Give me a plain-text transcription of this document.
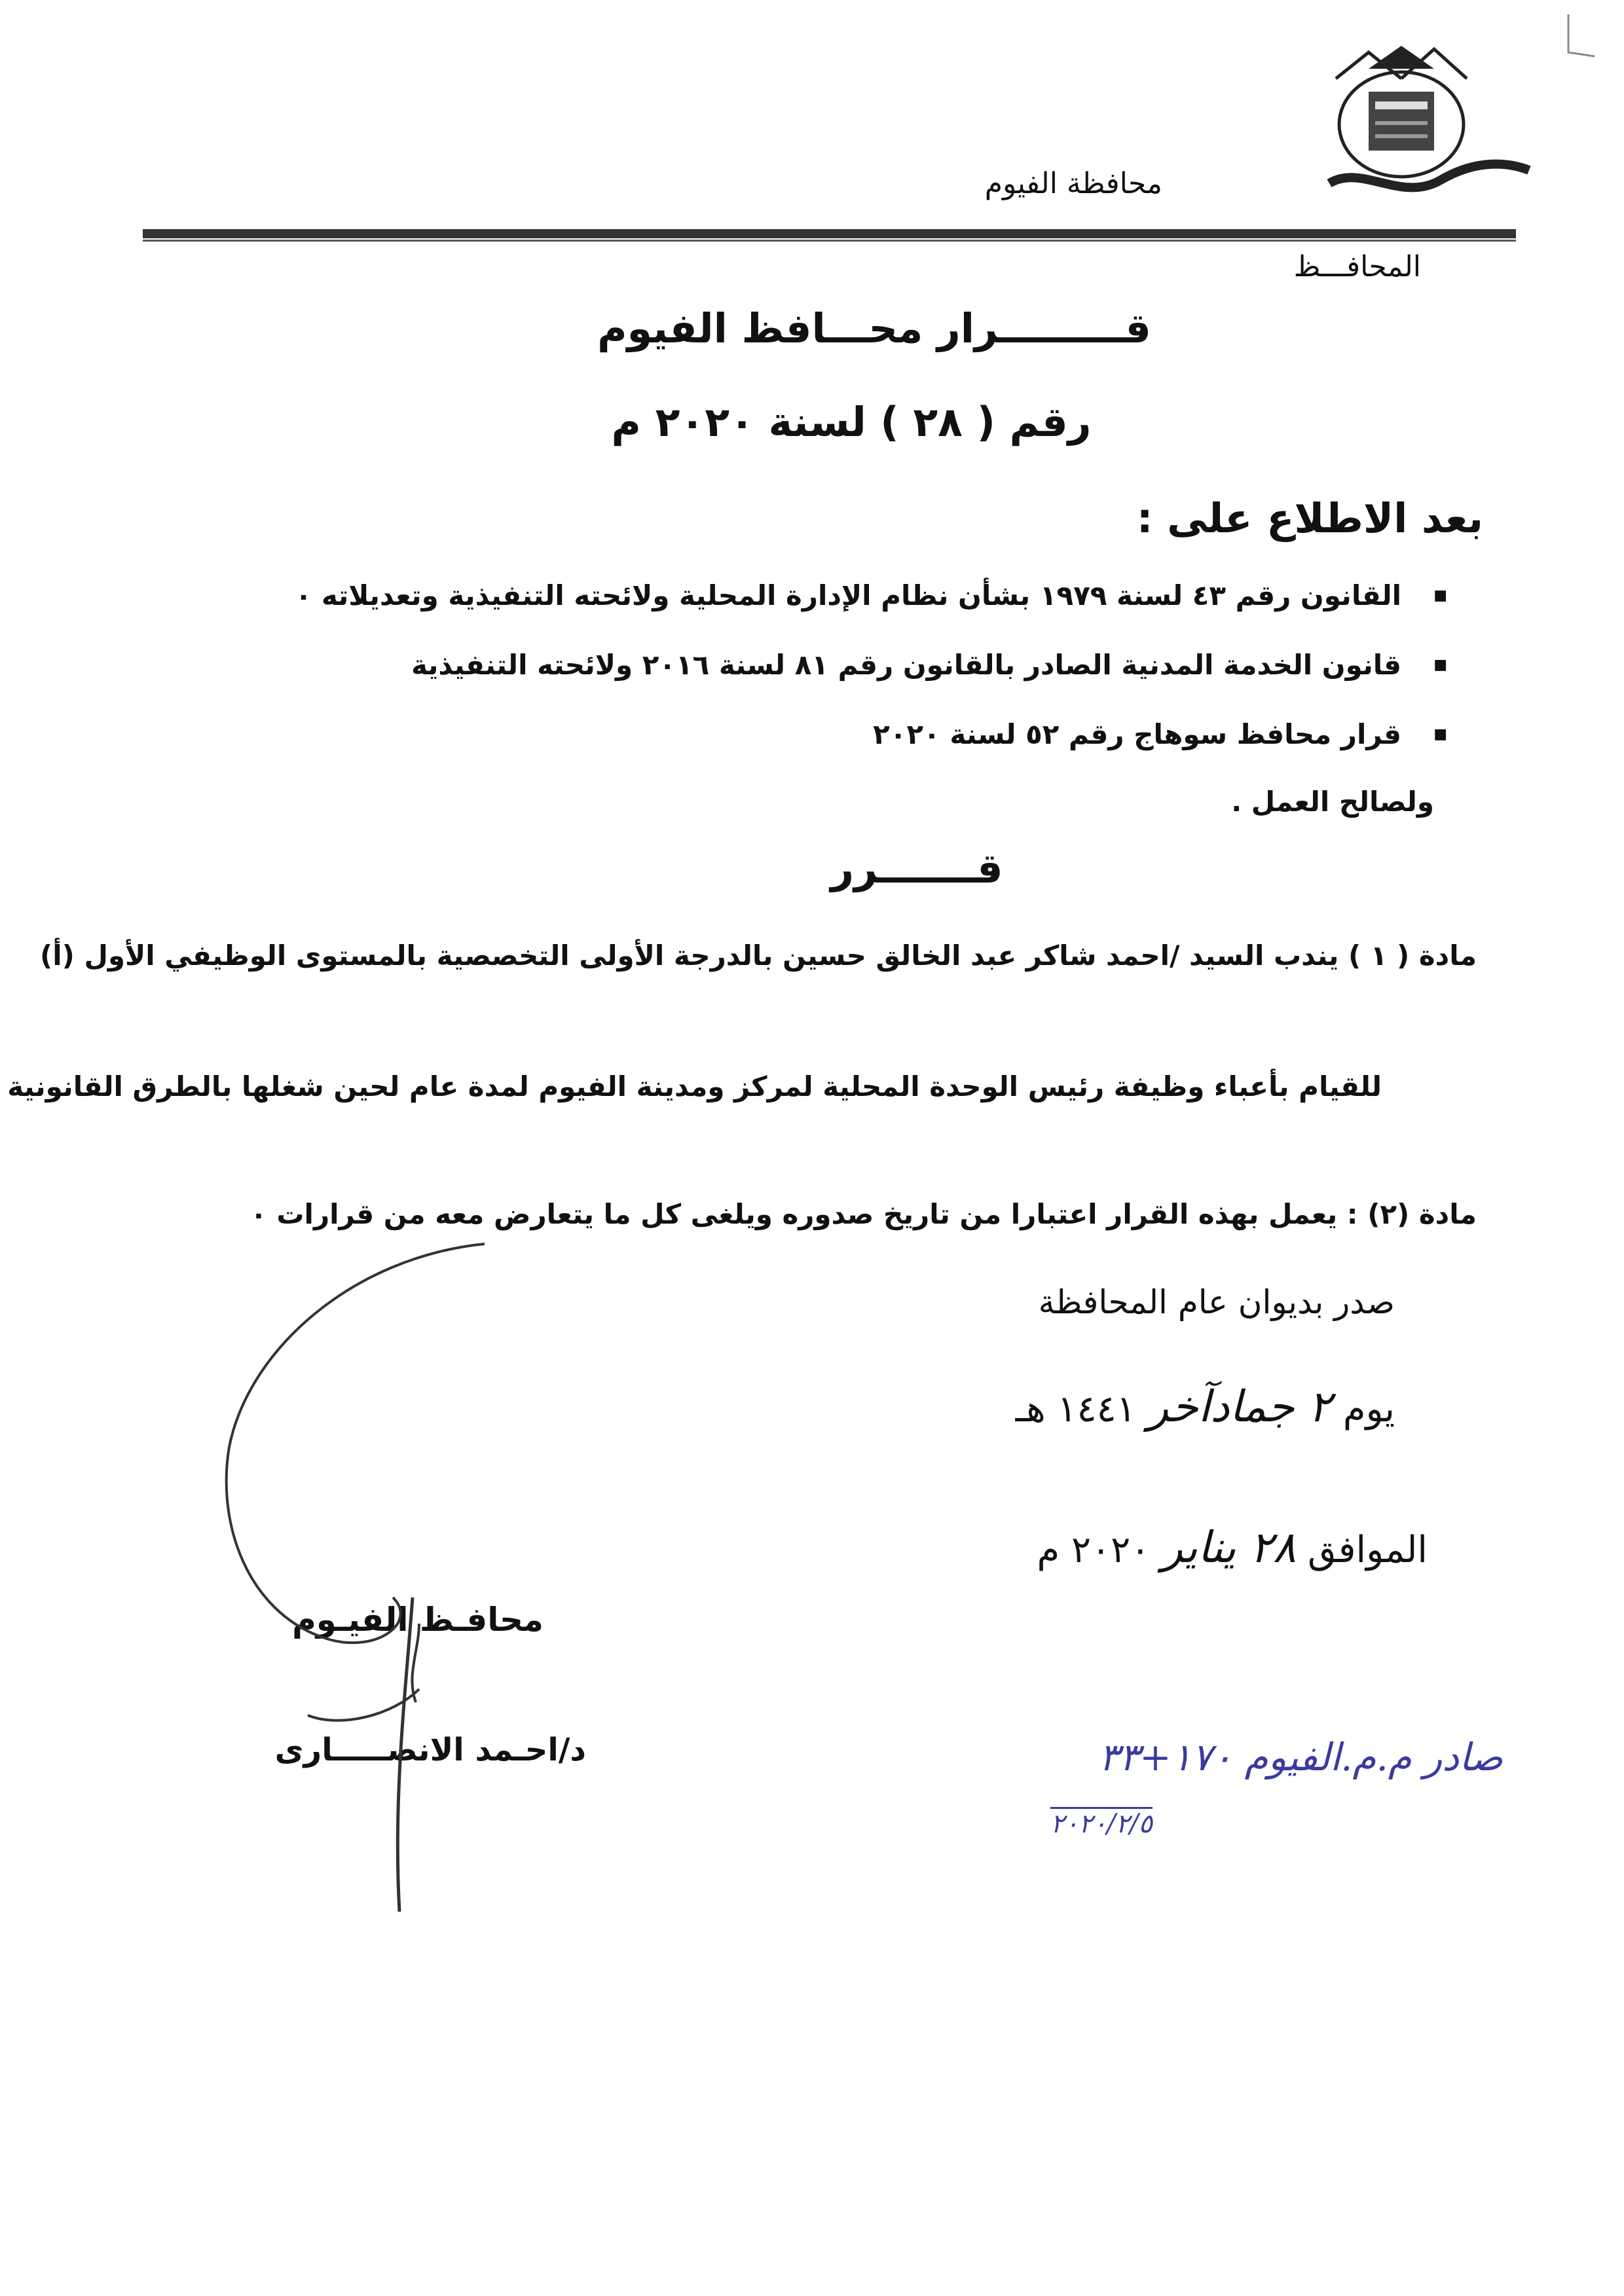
محافظة الفيوم
المحافـــظ
قـــــــــرار محـــافظ الفيوم
رقم ( ٢٨ ) لسنة ٢٠٢٠ م
بعد الاطلاع على :
■ القانون رقم ٤٣ لسنة ١٩٧٩ بشأن نظام الإدارة المحلية ولائحته التنفيذية وتعديلاته ٠
■ قانون الخدمة المدنية الصادر بالقانون رقم ٨١ لسنة ٢٠١٦ ولائحته التنفيذية
■ قرار محافظ سوهاج رقم ٥٢ لسنة ٢٠٢٠
ولصالح العمل .
قـــــــرر
مادة ( ١ ) يندب السيد /احمد شاكر عبد الخالق حسين بالدرجة الأولى التخصصية بالمستوى الوظيفي الأول (أ)
للقيام بأعباء وظيفة رئيس الوحدة المحلية لمركز ومدينة الفيوم لمدة عام لحين شغلها بالطرق القانونية
مادة (٢) : يعمل بهذه القرار اعتبارا من تاريخ صدوره ويلغى كل ما يتعارض معه من قرارات ٠
صدر بديوان عام المحافظة
يوم ٢ جمادآخر ١٤٤١ هـ
الموافق ٢٨ يناير ٢٠٢٠ م
محافـظ الفيـوم
د/احـمد الانصـــــارى	صادر م.م.الفيوم ١٧٠+٣٣
٢٠٢٠/٢/٥
